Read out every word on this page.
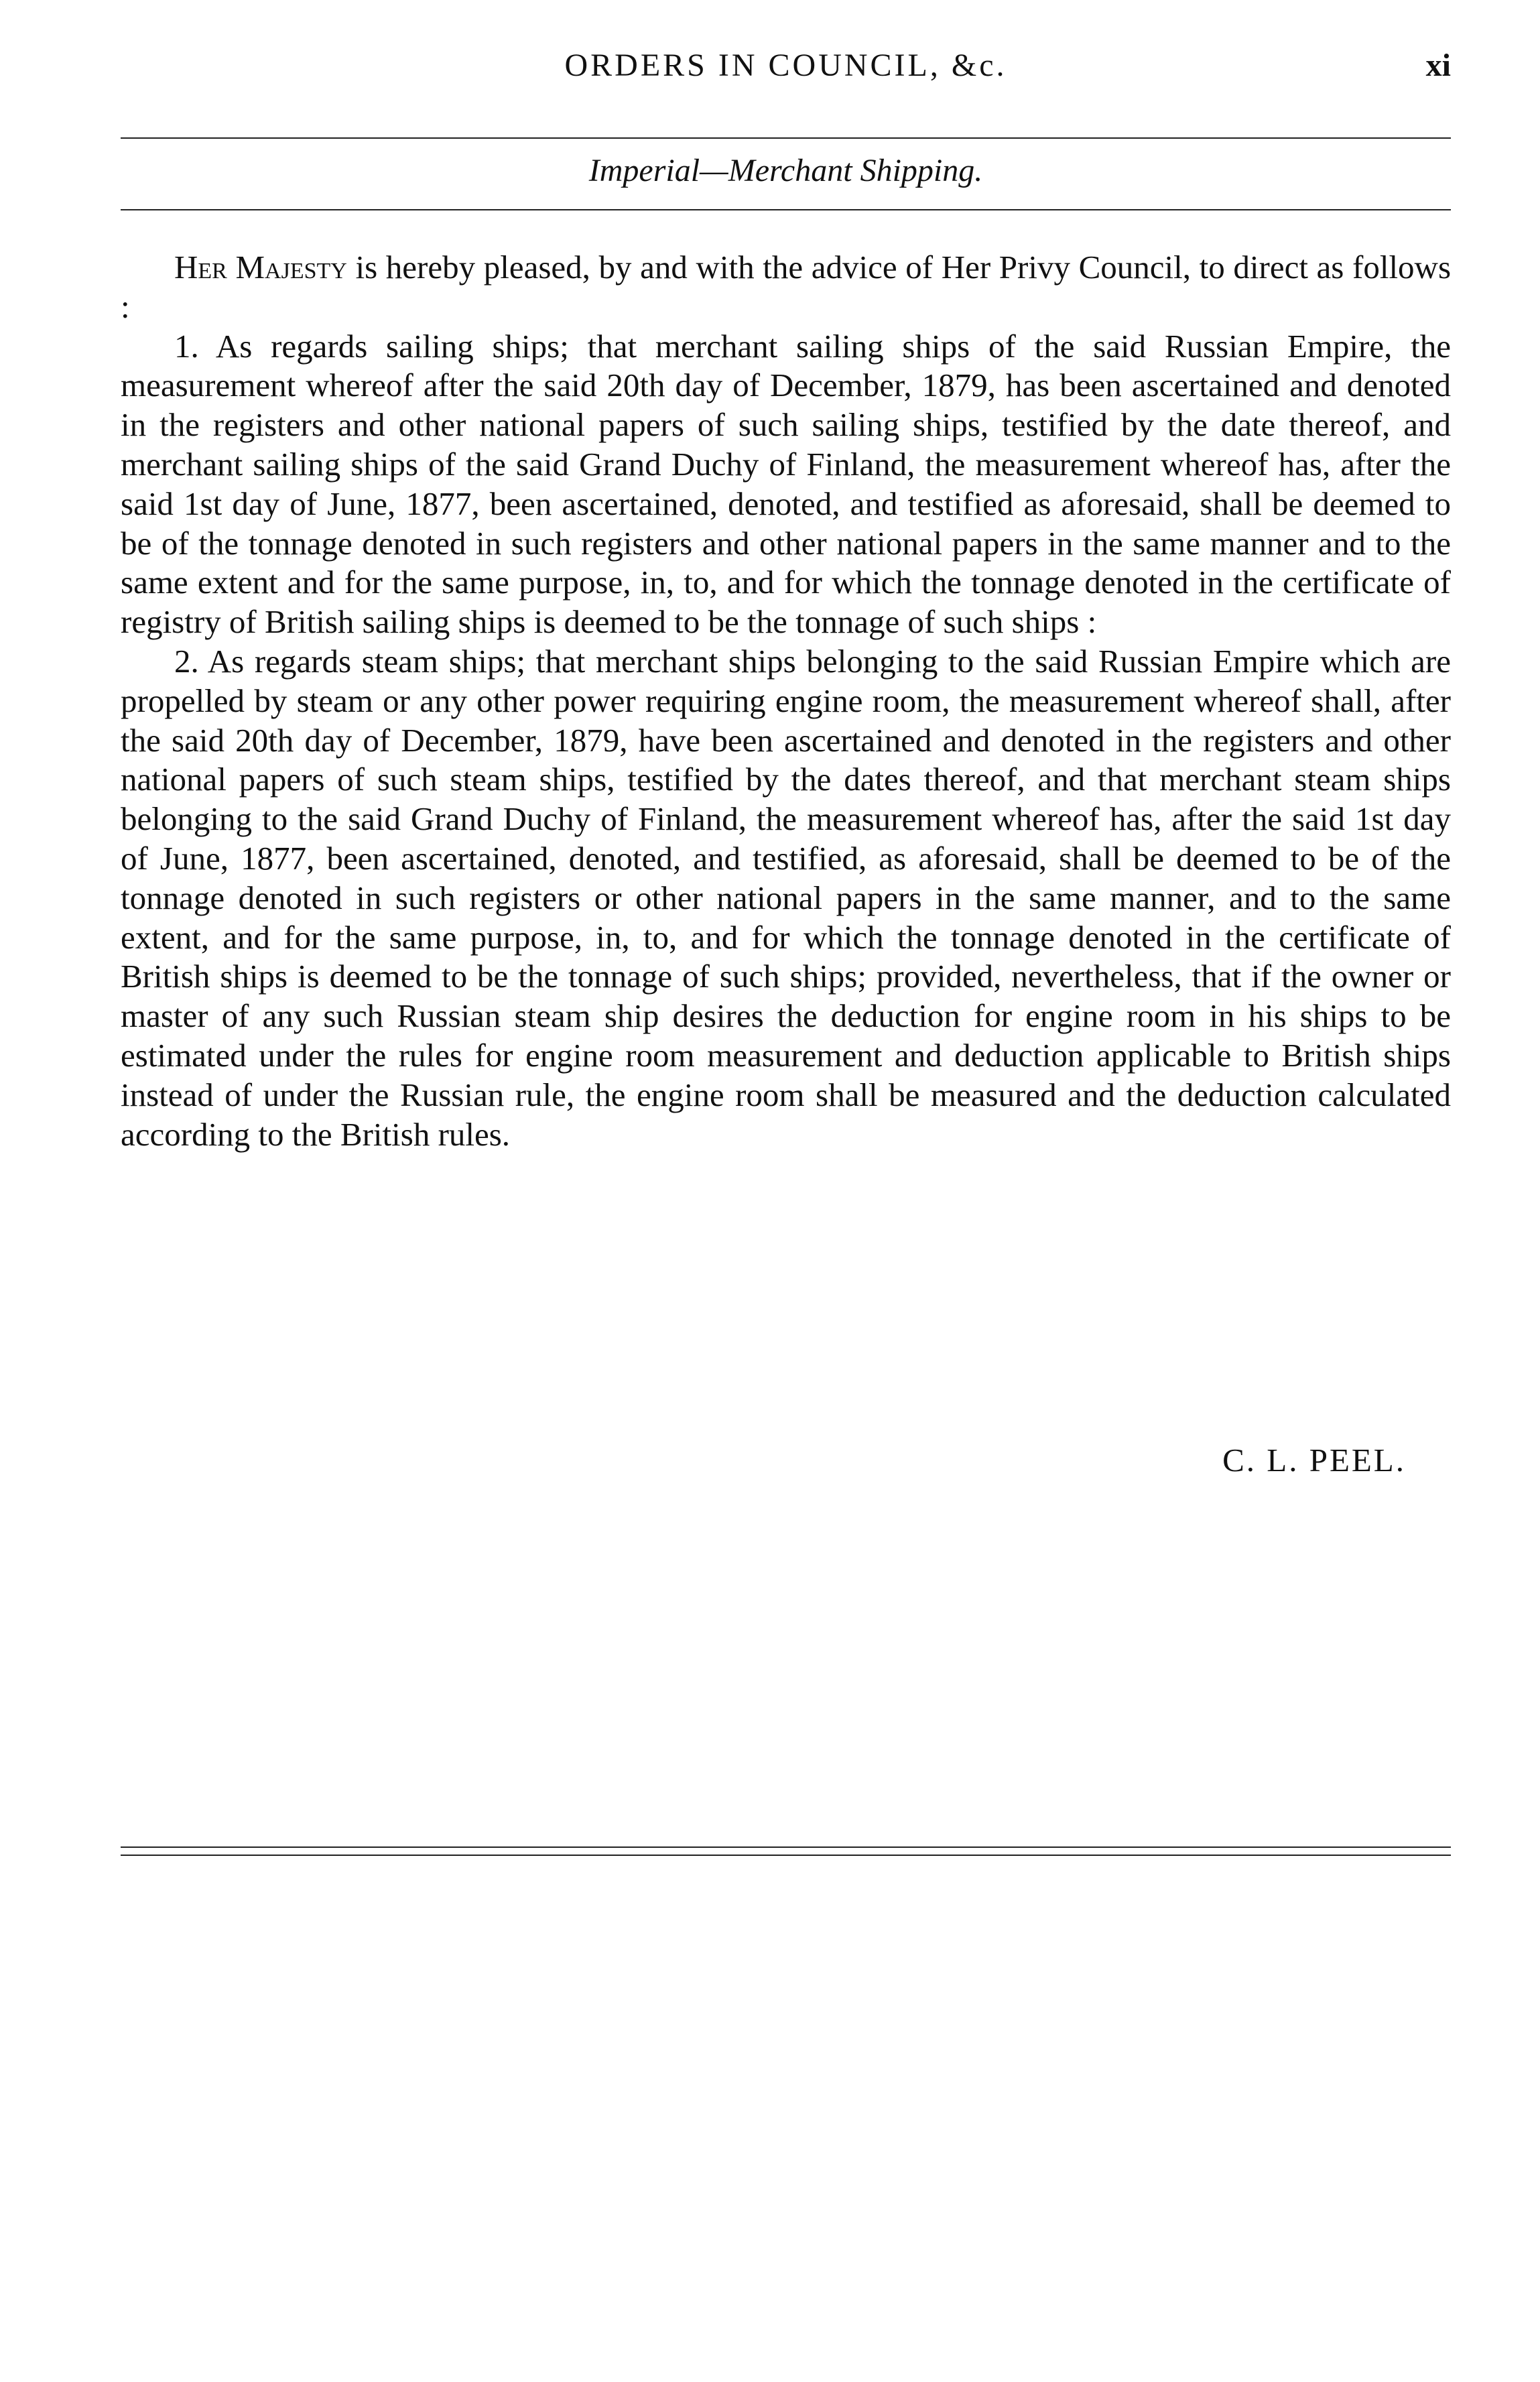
ORDERS IN COUNCIL, &c.	xi
Imperial—Merchant Shipping.

Her Majesty is hereby pleased, by and with the advice of Her Privy Council, to direct as follows :

1. As regards sailing ships; that merchant sailing ships of the said Russian Empire, the measurement whereof after the said 20th day of December, 1879, has been ascertained and denoted in the registers and other national papers of such sailing ships, testified by the date thereof, and merchant sailing ships of the said Grand Duchy of Finland, the measurement whereof has, after the said 1st day of June, 1877, been ascertained, denoted, and testified as aforesaid, shall be deemed to be of the tonnage denoted in such registers and other national papers in the same manner and to the same extent and for the same purpose, in, to, and for which the tonnage denoted in the certificate of registry of British sailing ships is deemed to be the tonnage of such ships :

2. As regards steam ships; that merchant ships belonging to the said Russian Empire which are propelled by steam or any other power requiring engine room, the measurement whereof shall, after the said 20th day of December, 1879, have been ascertained and denoted in the registers and other national papers of such steam ships, testified by the dates thereof, and that merchant steam ships belonging to the said Grand Duchy of Finland, the measurement whereof has, after the said 1st day of June, 1877, been ascertained, denoted, and testified, as aforesaid, shall be deemed to be of the tonnage denoted in such registers or other national papers in the same manner, and to the same extent, and for the same purpose, in, to, and for which the tonnage denoted in the certificate of British ships is deemed to be the tonnage of such ships; provided, nevertheless, that if the owner or master of any such Russian steam ship desires the deduction for engine room in his ships to be estimated under the rules for engine room measurement and deduction applicable to British ships instead of under the Russian rule, the engine room shall be measured and the deduction calculated according to the British rules.

C. L. PEEL.
